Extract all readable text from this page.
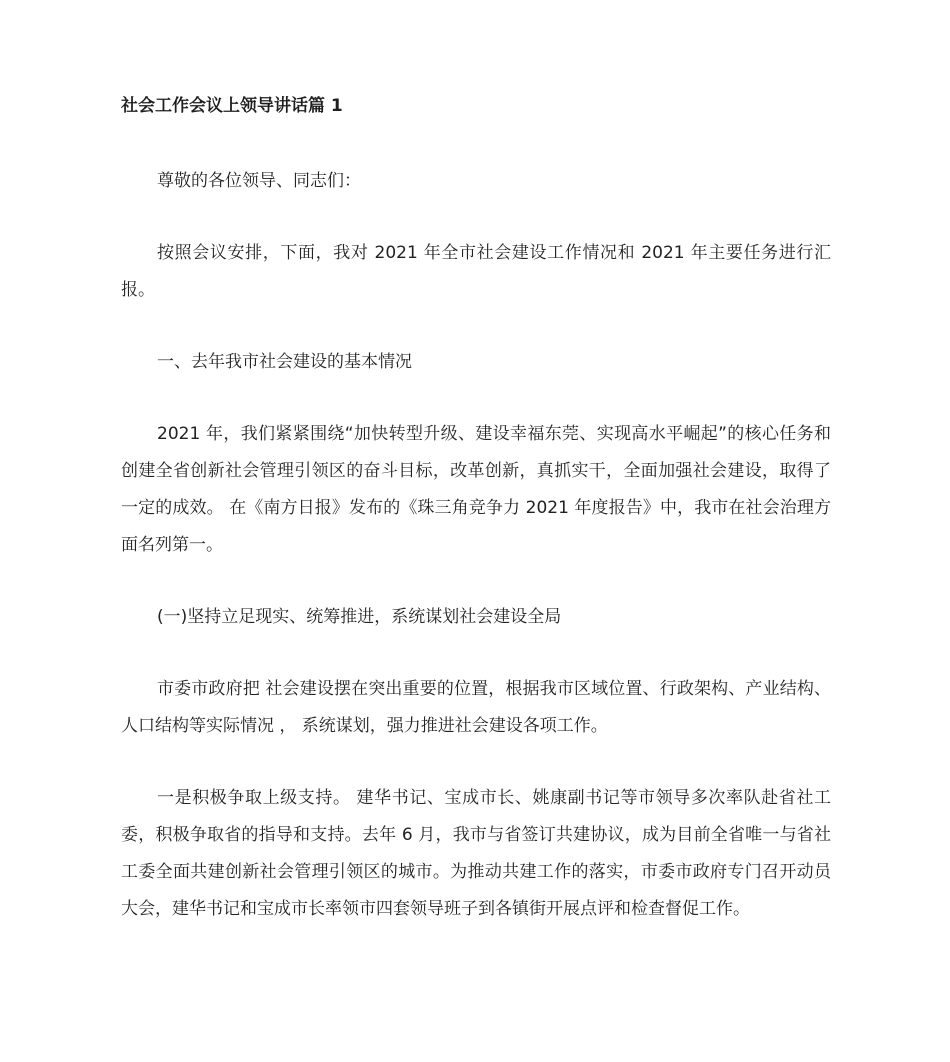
社会工作会议上领导讲话篇 1

尊敬的各位领导、同志们：

按照会议安排，下面，我对 2021 年全市社会建设工作情况和 2021 年主要任务进行汇报。

一、去年我市社会建设的基本情况

2021 年，我们紧紧围绕“加快转型升级、建设幸福东莞、实现高水平崛起”的核心任务和创建全省创新社会管理引领区的奋斗目标，改革创新，真抓实干，全面加强社会建设，取得了一定的成效。 在《南方日报》发布的《珠三角竞争力 2021 年度报告》中，我市在社会治理方面名列第一。

(一)坚持立足现实、统筹推进，系统谋划社会建设全局

市委市政府把 社会建设摆在突出重要的位置，根据我市区域位置、行政架构、产业结构、人口结构等实际情况 ， 系统谋划，强力推进社会建设各项工作。

一是积极争取上级支持。 建华书记、宝成市长、姚康副书记等市领导多次率队赴省社工委，积极争取省的指导和支持。去年 6 月，我市与省签订共建协议，成为目前全省唯一与省社工委全面共建创新社会管理引领区的城市。为推动共建工作的落实，市委市政府专门召开动员大会，建华书记和宝成市长率领市四套领导班子到各镇街开展点评和检查督促工作。
